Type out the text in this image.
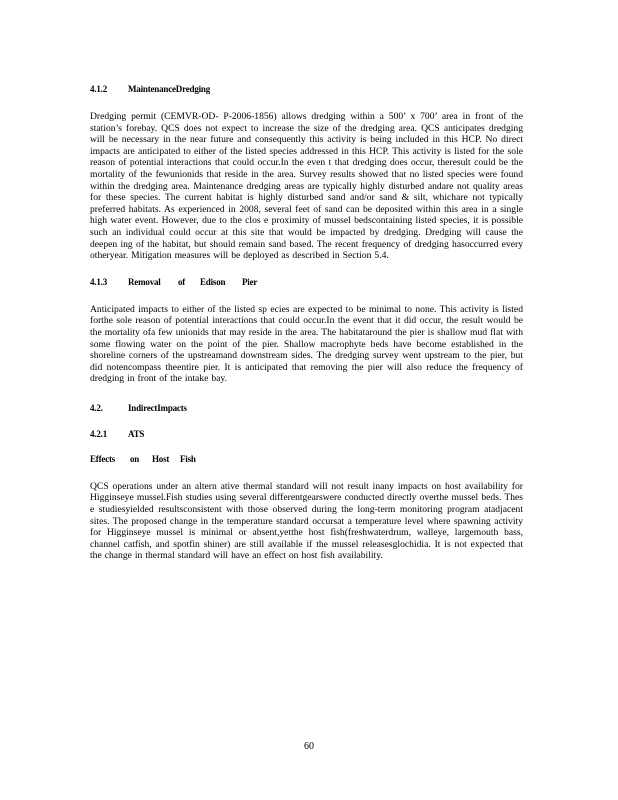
4.1.2 MaintenanceDredging

Dredging permit (CEMVR-OD- P-2006-1856) allows dredging within a 500’ x 700’ area in front of the station’s forebay. QCS does not expect to increase the size of the dredging area. QCS anticipates dredging will be necessary in the near future and consequently this activity is being included in this HCP. No direct impacts are anticipated to either of the listed species addressed in this HCP. This activity is listed for the sole reason of potential interactions that could occur.In the even t that dredging does occur, theresult could be the mortality of the fewunionids that reside in the area. Survey results showed that no listed species were found within the dredging area. Maintenance dredging areas are typically highly disturbed andare not quality areas for these species. The current habitat is highly disturbed sand and/or sand & silt, whichare not typically preferred habitats. As experienced in 2008, several feet of sand can be deposited within this area in a single high water event. However, due to the clos e proximity of mussel bedscontaining listed species, it is possible such an individual could occur at this site that would be impacted by dredging. Dredging will cause the deepen ing of the habitat, but should remain sand based. The recent frequency of dredging hasoccurred every otheryear. Mitigation measures will be deployed as described in Section 5.4.

4.1.3 Removal of Edison Pier

Anticipated impacts to either of the listed sp ecies are expected to be minimal to none. This activity is listed forthe sole reason of potential interactions that could occur.In the event that it did occur, the result would be the mortality ofa few unionids that may reside in the area. The habitataround the pier is shallow mud flat with some flowing water on the point of the pier. Shallow macrophyte beds have become established in the shoreline corners of the upstreamand downstream sides. The dredging survey went upstream to the pier, but did notencompass theentire pier. It is anticipated that removing the pier will also reduce the frequency of dredging in front of the intake bay.

4.2.	IndirectImpacts
4.2.1 ATS
Effects on Host Fish

QCS operations under an altern ative thermal standard will not result inany impacts on host availability for Higginseye mussel.Fish studies using several differentgearswere conducted directly overthe mussel beds. Thes e studiesyielded resultsconsistent with those observed during the long-term monitoring program atadjacent sites. The proposed change in the temperature standard occursat a temperature level where spawning activity for Higginseye mussel is minimal or absent,yetthe host fish(freshwaterdrum, walleye, largemouth bass, channel catfish, and spotfin shiner) are still available if the mussel releasesglochidia. It is not expected that the change in thermal standard will have an effect on host fish availability.

60
